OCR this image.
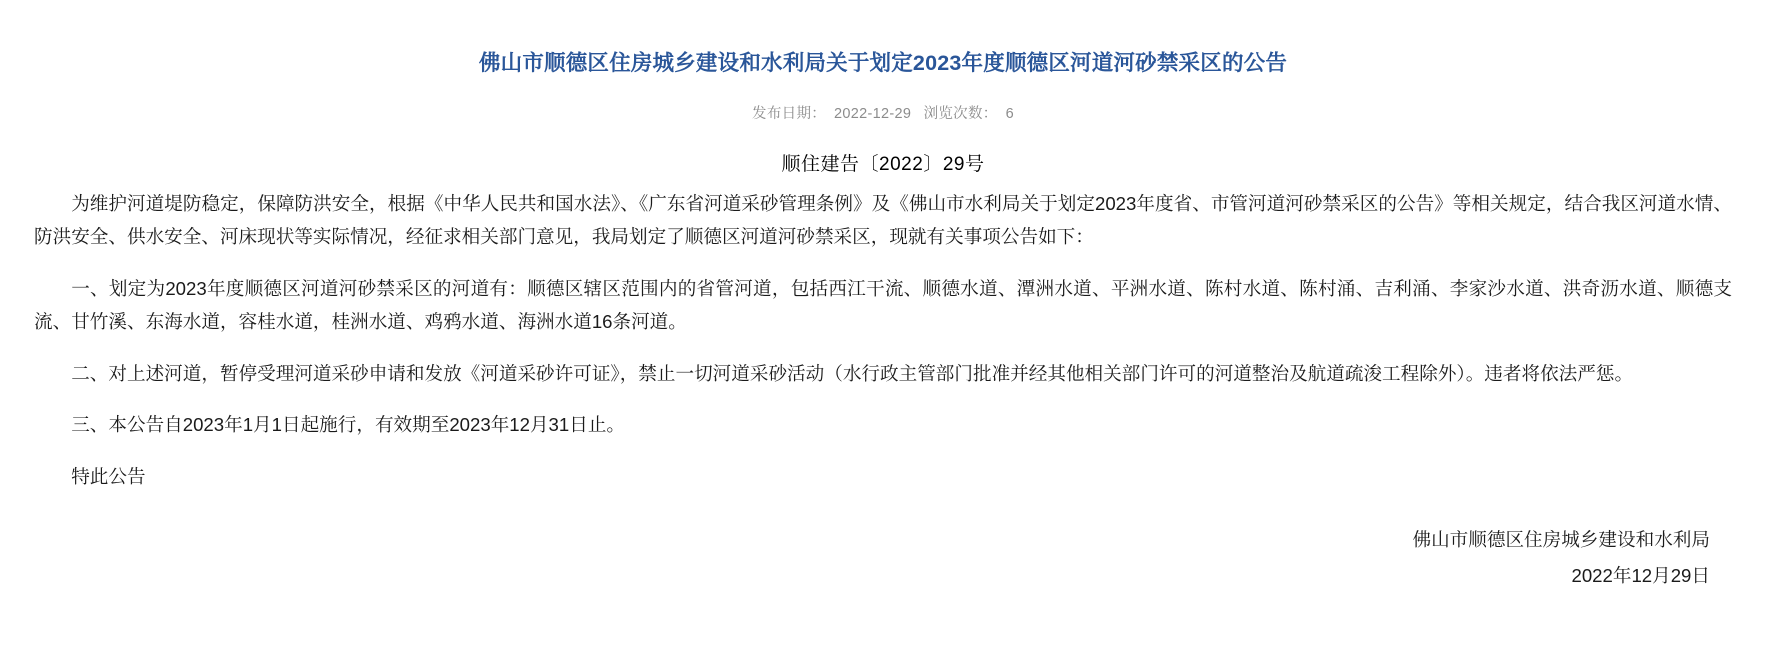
佛山市顺德区住房城乡建设和水利局关于划定2023年度顺德区河道河砂禁采区的公告
发布日期： 2022-12-29 浏览次数： 6
顺住建告〔2022〕29号

为维护河道堤防稳定，保障防洪安全，根据《中华人民共和国水法》、《广东省河道采砂管理条例》及《佛山市水利局关于划定2023年度省、市管河道河砂禁采区的公告》等相关规定，结合我区河道水情、防洪安全、供水安全、河床现状等实际情况，经征求相关部门意见，我局划定了顺德区河道河砂禁采区，现就有关事项公告如下：

一、划定为2023年度顺德区河道河砂禁采区的河道有：顺德区辖区范围内的省管河道，包括西江干流、顺德水道、潭洲水道、平洲水道、陈村水道、陈村涌、吉利涌、李家沙水道、洪奇沥水道、顺德支流、甘竹溪、东海水道，容桂水道，桂洲水道、鸡鸦水道、海洲水道16条河道。

二、对上述河道，暂停受理河道采砂申请和发放《河道采砂许可证》，禁止一切河道采砂活动（水行政主管部门批准并经其他相关部门许可的河道整治及航道疏浚工程除外）。违者将依法严惩。

三、本公告自2023年1月1日起施行，有效期至2023年12月31日止。

特此公告

佛山市顺德区住房城乡建设和水利局
2022年12月29日
